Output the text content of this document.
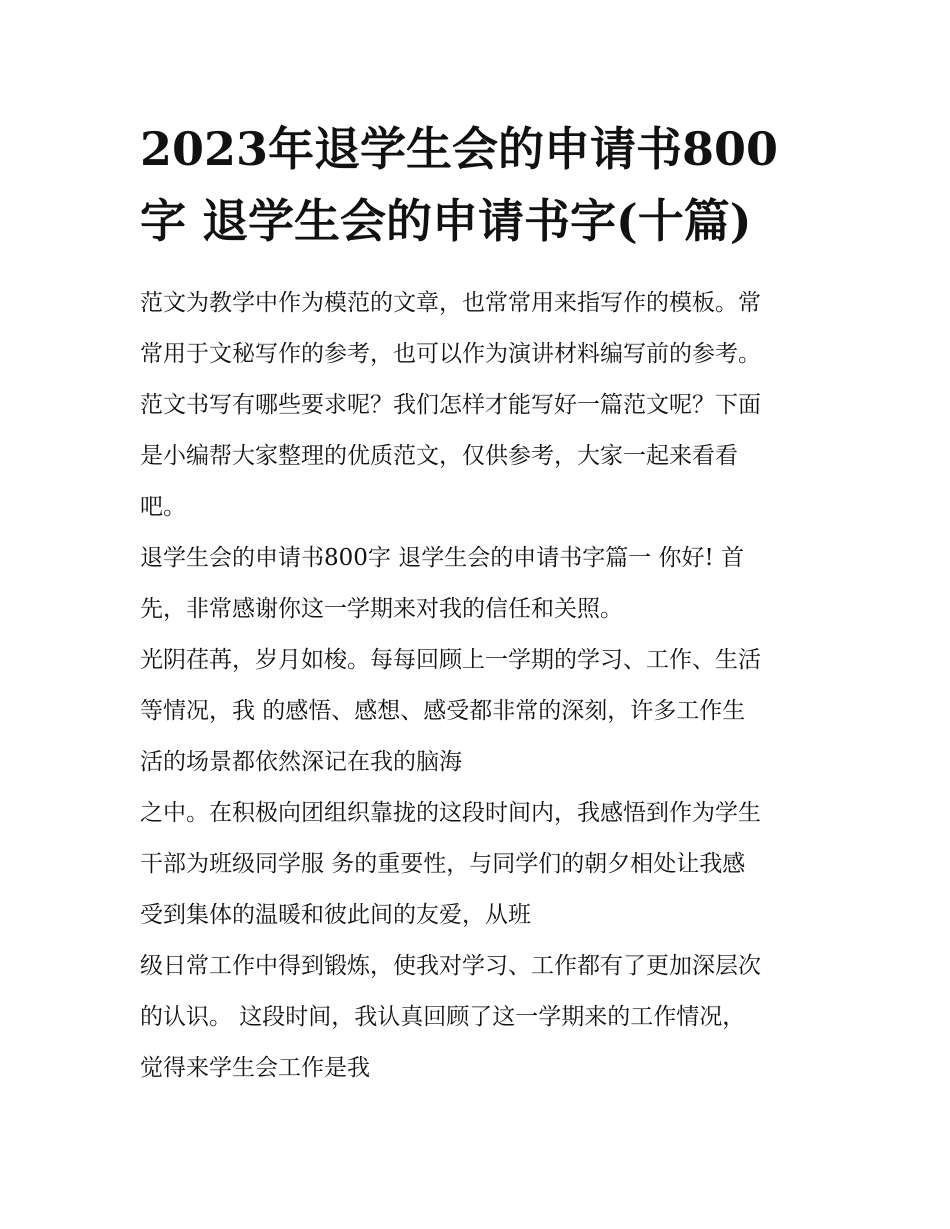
2023年退学生会的申请书800
字 退学生会的申请书字(十篇)

范文为教学中作为模范的文章，也常常用来指写作的模板。常
常用于文秘写作的参考，也可以作为演讲材料编写前的参考。
范文书写有哪些要求呢？我们怎样才能写好一篇范文呢？下面
是小编帮大家整理的优质范文，仅供参考，大家一起来看看
吧。

退学生会的申请书800字 退学生会的申请书字篇一 你好! 首
先，非常感谢你这一学期来对我的信任和关照。

光阴荏苒，岁月如梭。每每回顾上一学期的学习、工作、生活
等情况，我 的感悟、感想、感受都非常的深刻，许多工作生
活的场景都依然深记在我的脑海

之中。在积极向团组织靠拢的这段时间内，我感悟到作为学生
干部为班级同学服 务的重要性，与同学们的朝夕相处让我感
受到集体的温暖和彼此间的友爱，从班

级日常工作中得到锻炼，使我对学习、工作都有了更加深层次
的认识。 这段时间，我认真回顾了这一学期来的工作情况，
觉得来学生会工作是我
